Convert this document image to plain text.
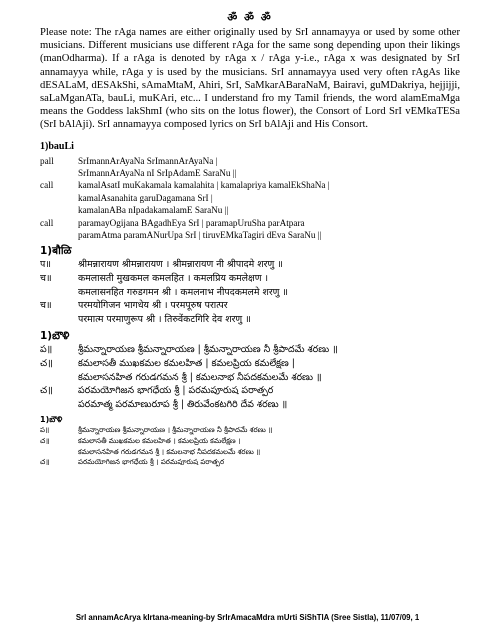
ॐ ॐ ॐ
Please note: The rAga names are either originally used by SrI annamayya or used by some other musicians. Different musicians use different rAga for the same song depending upon their likings (manOdharma). If a rAga is denoted by rAga x / rAga y-i.e., rAga x was designated by SrI annamayya while, rAga y is used by the musicians. SrI annamayya used very often rAgAs like dESALaM, dESAkShi, sAmaMtaM, Ahiri, SrI, SaMkarABaraNaM, Bairavi, guMDakriya, hejjijji, saLaMganATa, bauLi, muKAri, etc... I understand fro my Tamil friends, the word alamEmaMga means the Goddess lakShmI (who sits on the lotus flower), the Consort of Lord SrI vEMkaTESa (SrI bAlAji). SrI annamayya composed lyrics on SrI bAlAji and His Consort.
1)bauLi
pall	SrImannArAyaNa SrImannArAyaNa |
SrImannArAyaNa nI SrIpAdamE SaraNu ||
call	kamalAsatI muKakamala kamalahita | kamalapriya kamalEkShaNa |
kamalAsanahita garuDagamana SrI |
kamalanABa nIpadakamalamE SaraNu ||
call	paramayOgijana BAgadhEya SrI | paramapUruSha parAtpara
paramAtma paramANurUpa SrI | tiruvEMkaTagiri dEva SaraNu ||
1)बौळि
प॥	श्रीमन्नारायण श्रीमन्नारायण । श्रीमन्नारायण नी श्रीपादमे शरणु ॥
च॥	कमलासती मुखकमल कमलहित । कमलप्रिय कमलेक्षण ।
कमलासनहित गरुडगमन श्री । कमलनाभ नीपदकमलमे शरणु ॥
च॥	परमयोगिजन भागधेय श्री । परमपूरुष परात्पर
परमात्म परमाणुरूप श्री । तिरुवेंकटगिरि देव शरणु ॥
1)బౌళి
ప॥	శ్రీమన్నారాయణ శ్రీమన్నారాయణ | శ్రీమన్నారాయణ నీ శ్రీపాదమే శరణు ॥
చ॥	కమలాసతీ ముఖకమల కమలహిత | కమలప్రియ కమలేక్షణ |
కమలాసనహిత గరుడగమన శ్రీ | కమలనాభ నీపదకమలమే శరణు ॥
చ॥	పరమయోగిజన భాగధేయ శ్రీ | పరమపూరుష పరాత్పర
పరమాత్మ పరమాణురూప శ్రీ | తిరువేంకటగిరి దేవ శరణు ॥
1)బౌళి
ప॥	శ్రీమన్నారాయణ శ్రీమన్నారాయణ । శ్రీమన్నారాయణ నీ శ్రీపాదమే శరణు ॥
చ॥	కమలాసతీ ముఖకమల కమలహిత । కమలప్రియ కమలేక్షణ ।
కమలాసనహిత గరుడగమన శ్రీ । కమలనాభ నీపదకమలమే శరణు ॥
చ॥	పరమయోగిజన భాగధేయ శ్రీ । పరమపూరుష పరాత్పర
SrI annamAcArya kIrtana-meaning-by SrIrAmacaMdra mUrti SiShTlA (Sree Sistla), 11/07/09, 1
